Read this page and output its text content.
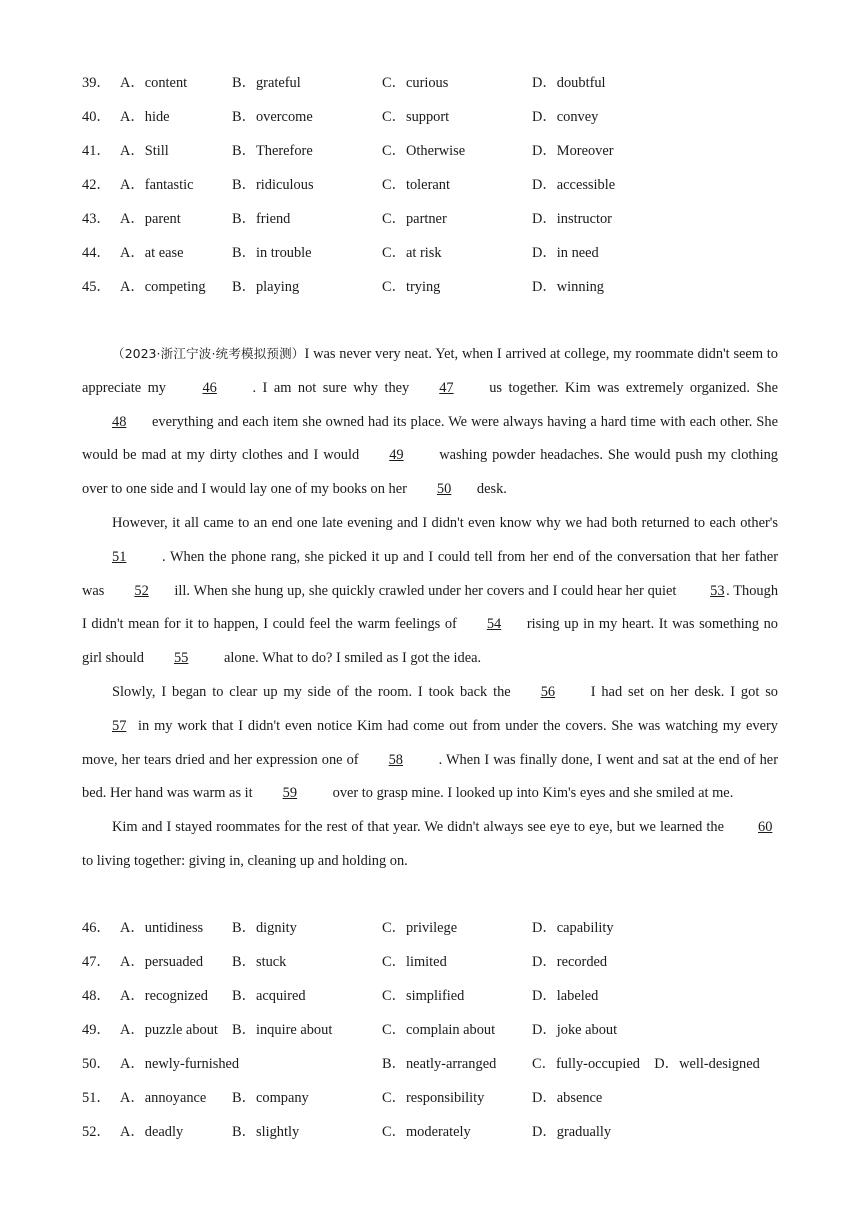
39． A．content	B．grateful	C．curious	D．doubtful
40． A．hide	B．overcome	C．support	D．convey
41． A．Still	B．Therefore	C．Otherwise	D．Moreover
42． A．fantastic	B．ridiculous	C．tolerant	D．accessible
43． A．parent	B．friend	C．partner	D．instructor
44． A．at ease	B．in trouble	C．at risk	D．in need
45． A．competing B．playing	C．trying	D．winning

（2023·浙江宁波·统考模拟预测）I was never very neat. Yet, when I arrived at college, my roommate didn't seem to appreciate my 46 . I am not sure why they 47 us together. Kim was extremely organized. She48 everything and each item she owned had its place. We were always having a hard time with each other. She would be mad at my dirty clothes and I would 49 washing powder headaches. She would push my clothing over to one side and I would lay one of my books on her 50 desk.

However, it all came to an end one late evening and I didn't even know why we had both returned to each other's51 . When the phone rang, she picked it up and I could tell from her end of the conversation that her father was 52 ill. When she hung up, she quickly crawled under her covers and I could hear her quiet 53 . Though I didn't mean for it to happen, I could feel the warm feelings of 54 rising up in my heart. It was something no girl should 55 alone. What to do? I smiled as I got the idea.

Slowly, I began to clear up my side of the room. I took back the 56 I had set on her desk. I got so 57 in my work that I didn't even notice Kim had come out from under the covers. She was watching my every move, her tears dried and her expression one of 58 . When I was finally done, I went and sat at the end of her bed. Her hand was warm as it 59 over to grasp mine. I looked up into Kim's eyes and she smiled at me.

Kim and I stayed roommates for the rest of that year. We didn't always see eye to eye, but we learned the 60to living together: giving in, cleaning up and holding on.

46． A．untidiness B．dignity	C．privilege	D．capability
47． A．persuaded B．stuck	C．limited	D．recorded
48． A．recognized B．acquired	C．simplified	D．labeled
49． A．puzzle about B．inquire about	C．complain about	D．joke about
50． A．newly-furnished	B．neatly-arranged C．fully-occupied　D．well-designed
51． A．annoyance B．company	C．responsibility	D．absence
52． A．deadly	B．slightly	C．moderately	D．gradually
